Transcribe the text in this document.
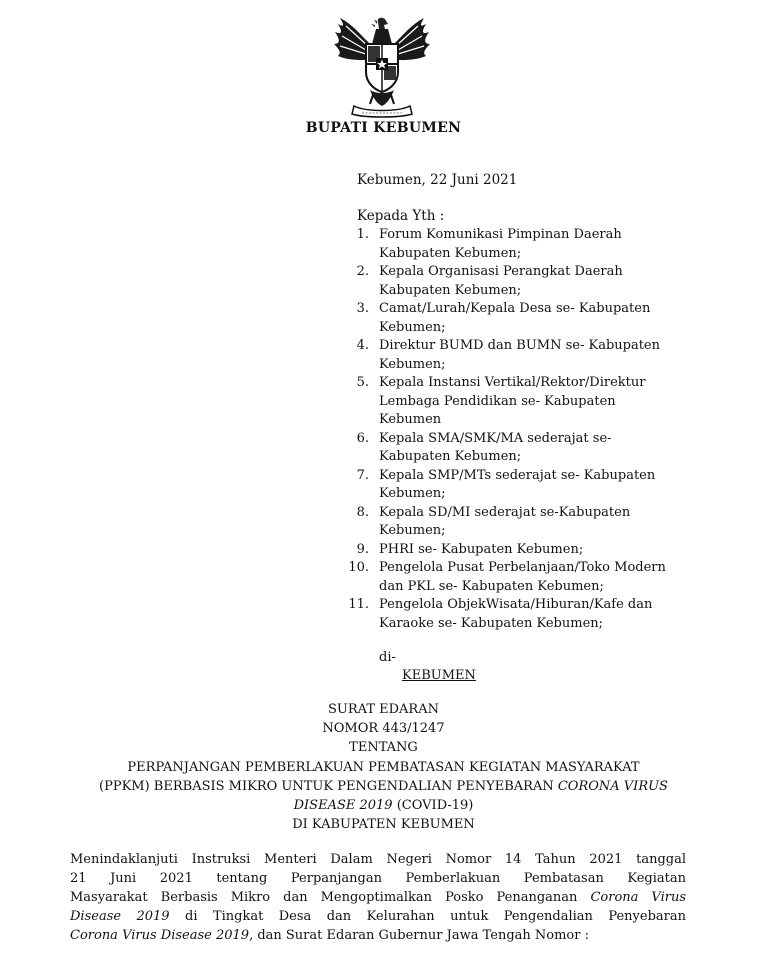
BUPATI KEBUMEN
Kebumen, 22 Juni 2021
Kepada Yth :
1. Forum Komunikasi Pimpinan Daerah Kabupaten Kebumen;
2. Kepala Organisasi Perangkat Daerah Kabupaten Kebumen;
3. Camat/Lurah/Kepala Desa se- Kabupaten Kebumen;
4. Direktur BUMD dan BUMN se- Kabupaten Kebumen;
5. Kepala Instansi Vertikal/Rektor/Direktur Lembaga Pendidikan se- Kabupaten Kebumen
6. Kepala SMA/SMK/MA sederajat se- Kabupaten Kebumen;
7. Kepala SMP/MTs sederajat se- Kabupaten Kebumen;
8. Kepala SD/MI sederajat se-Kabupaten Kebumen;
9. PHRI se- Kabupaten Kebumen;
10. Pengelola Pusat Perbelanjaan/Toko Modern dan PKL se- Kabupaten Kebumen;
11. Pengelola ObjekWisata/Hiburan/Kafe dan Karaoke se- Kabupaten Kebumen;
di-
KEBUMEN
SURAT EDARAN
NOMOR 443/1247
TENTANG
PERPANJANGAN PEMBERLAKUAN PEMBATASAN KEGIATAN MASYARAKAT
(PPKM) BERBASIS MIKRO UNTUK PENGENDALIAN PENYEBARAN CORONA VIRUS
DISEASE 2019 (COVID-19)
DI KABUPATEN KEBUMEN
Menindaklanjuti Instruksi Menteri Dalam Negeri Nomor 14 Tahun 2021 tanggal
21 Juni 2021 tentang Perpanjangan Pemberlakuan Pembatasan Kegiatan
Masyarakat Berbasis Mikro dan Mengoptimalkan Posko Penanganan Corona Virus
Disease 2019 di Tingkat Desa dan Kelurahan untuk Pengendalian Penyebaran
Corona Virus Disease 2019, dan Surat Edaran Gubernur Jawa Tengah Nomor :
